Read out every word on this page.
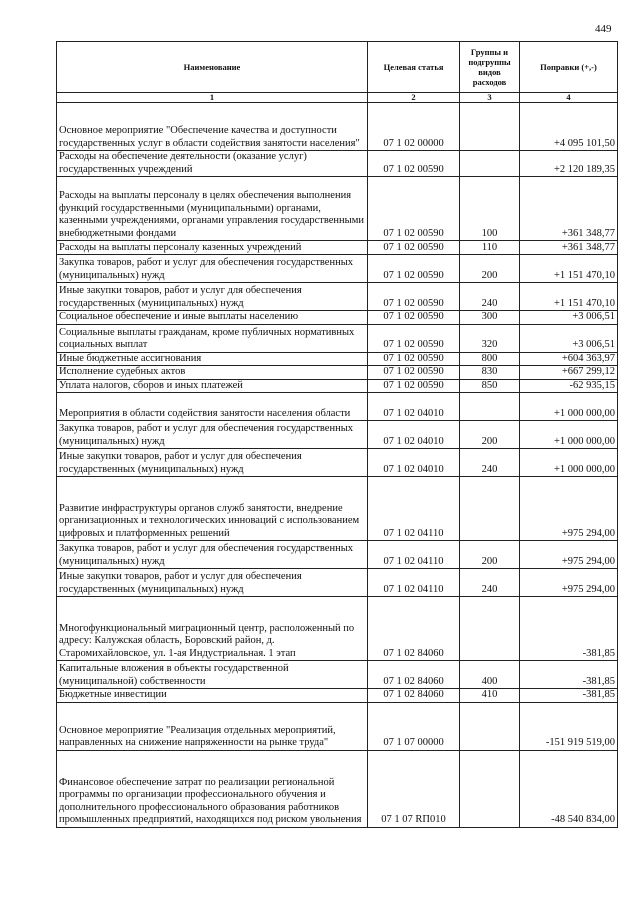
449
Наименование	Целевая статья	Группы и подгруппы видов расходов	Поправки (+,-)
1	2	3	4
Основное мероприятие "Обеспечение качества и доступности государственных услуг в области содействия занятости населения"	07 1 02 00000		+4 095 101,50
Расходы на обеспечение деятельности (оказание услуг) государственных учреждений	07 1 02 00590		+2 120 189,35
Расходы на выплаты персоналу в целях обеспечения выполнения функций государственными (муниципальными) органами, казенными учреждениями, органами управления государственными внебюджетными фондами	07 1 02 00590	100	+361 348,77
Расходы на выплаты персоналу казенных учреждений	07 1 02 00590	110	+361 348,77
Закупка товаров, работ и услуг для обеспечения государственных (муниципальных) нужд	07 1 02 00590	200	+1 151 470,10
Иные закупки товаров, работ и услуг для обеспечения государственных (муниципальных) нужд	07 1 02 00590	240	+1 151 470,10
Социальное обеспечение и иные выплаты населению	07 1 02 00590	300	+3 006,51
Социальные выплаты гражданам, кроме публичных нормативных социальных выплат	07 1 02 00590	320	+3 006,51
Иные бюджетные ассигнования	07 1 02 00590	800	+604 363,97
Исполнение судебных актов	07 1 02 00590	830	+667 299,12
Уплата налогов, сборов и иных платежей	07 1 02 00590	850	-62 935,15
Мероприятия в области содействия занятости населения области	07 1 02 04010		+1 000 000,00
Закупка товаров, работ и услуг для обеспечения государственных (муниципальных) нужд	07 1 02 04010	200	+1 000 000,00
Иные закупки товаров, работ и услуг для обеспечения государственных (муниципальных) нужд	07 1 02 04010	240	+1 000 000,00
Развитие инфраструктуры органов служб занятости, внедрение организационных и технологических инноваций с использованием цифровых и платформенных решений	07 1 02 04110		+975 294,00
Закупка товаров, работ и услуг для обеспечения государственных (муниципальных) нужд	07 1 02 04110	200	+975 294,00
Иные закупки товаров, работ и услуг для обеспечения государственных (муниципальных) нужд	07 1 02 04110	240	+975 294,00
Многофункциональный миграционный центр, расположенный по адресу: Калужская область, Боровский район, д. Старомихайловское, ул. 1-ая Индустриальная. 1 этап	07 1 02 84060		-381,85
Капитальные вложения в объекты государственной (муниципальной) собственности	07 1 02 84060	400	-381,85
Бюджетные инвестиции	07 1 02 84060	410	-381,85
Основное мероприятие "Реализация отдельных мероприятий, направленных на снижение напряженности на рынке труда"	07 1 07 00000		-151 919 519,00
Финансовое обеспечение затрат по реализации региональной программы по организации профессионального обучения и дополнительного профессионального образования работников промышленных предприятий, находящихся под риском увольнения	07 1 07 RП010		-48 540 834,00
